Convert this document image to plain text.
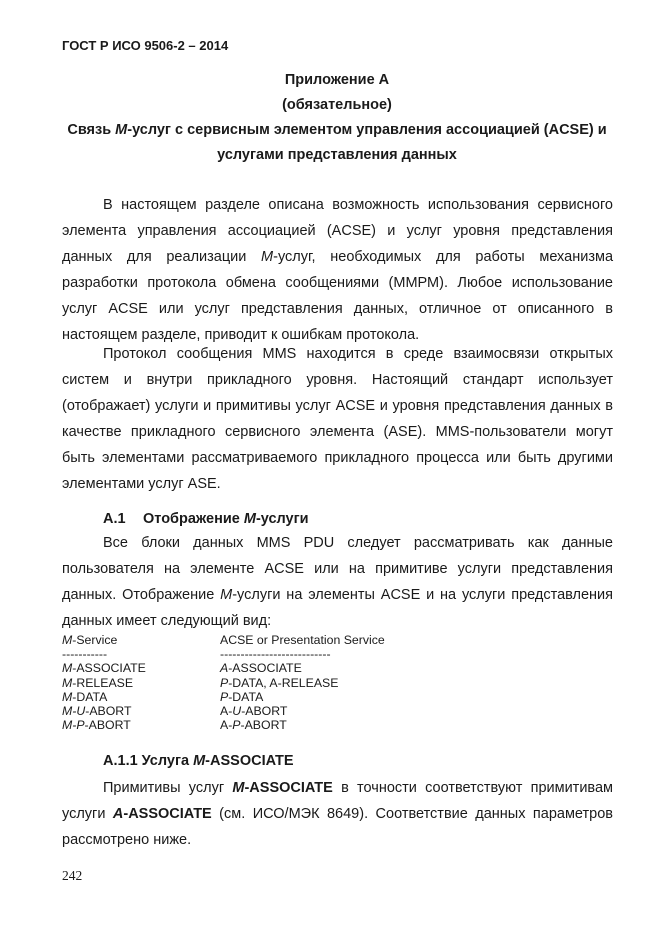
ГОСТ Р ИСО 9506-2 – 2014
Приложение А
(обязательное)
Связь М-услуг с сервисным элементом управления ассоциацией (ACSE) и
услугами представления данных
В настоящем разделе описана возможность использования сервисного элемента управления ассоциацией (ACSE) и услуг уровня представления данных для реализации М-услуг, необходимых для работы механизма разработки протокола обмена сообщениями (ММРМ). Любое использование услуг ACSE или услуг представления данных, отличное от описанного в настоящем разделе, приводит к ошибкам протокола.
Протокол сообщения MMS находится в среде взаимосвязи открытых систем и внутри прикладного уровня. Настоящий стандарт использует (отображает) услуги и примитивы услуг ACSE и уровня представления данных в качестве прикладного сервисного элемента (ASE). MMS-пользователи могут быть элементами рассматриваемого прикладного процесса или быть другими элементами услуг ASE.
А.1 Отображение М-услуги
Все блоки данных MMS PDU следует рассматривать как данные пользователя на элементе ACSE или на примитиве услуги представления данных. Отображение М-услуги на элементы ACSE и на услуги представления данных имеет следующий вид:
M-Service	ACSE or Presentation Service
-----------	---------------------------
M-ASSOCIATE	A-ASSOCIATE
M-RELEASE	P-DATA, A-RELEASE
M-DATA	P-DATA
M-U-ABORT	A-U-ABORT
M-P-ABORT	A-P-ABORT
А.1.1 Услуга М-ASSOCIATE
Примитивы услуг M-ASSOCIATE в точности соответствуют примитивам услуги A-ASSOCIATE (см. ИСО/МЭК 8649). Соответствие данных параметров рассмотрено ниже.
242
